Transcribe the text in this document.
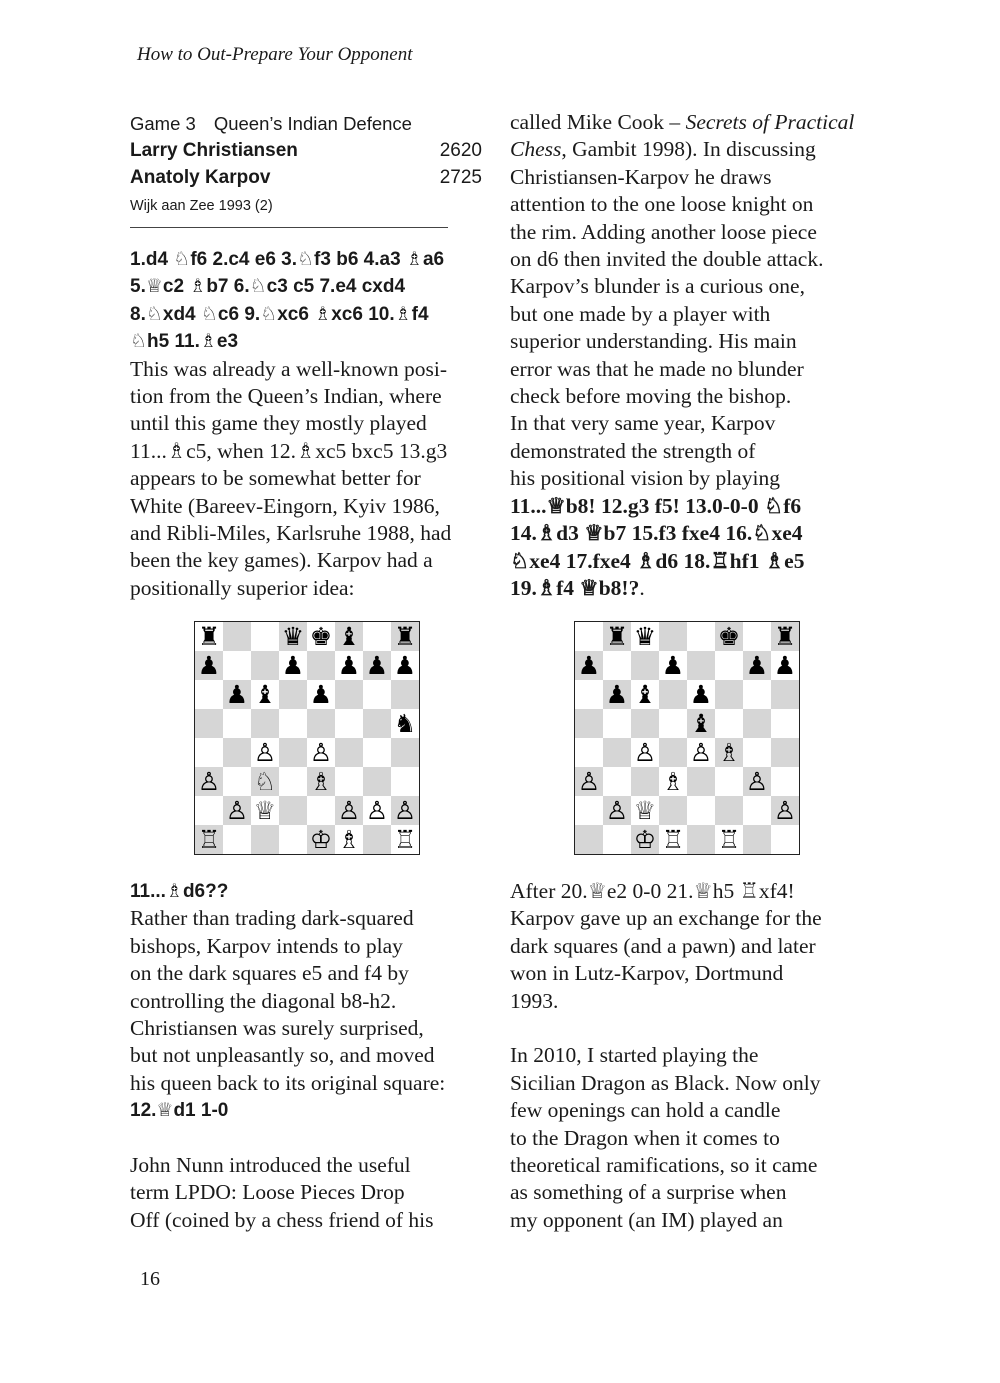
How to Out-Prepare Your Opponent
Game 3 Queen’s Indian Defence
Larry Christiansen	2620
Anatoly Karpov	2725
Wijk aan Zee 1993 (2)

1.d4 ♘f6 2.c4 e6 3.♘f3 b6 4.a3 ♗a6

5.♕c2 ♗b7 6.♘c3 c5 7.e4 cxd4

8.♘xd4 ♘c6 9.♘xc6 ♗xc6 10.♗f4

♘h5 11.♗e3

This was already a well-known posi-

tion from the Queen’s Indian, where

until this game they mostly played

11...♗c5, when 12.♗xc5 bxc5 13.g3

appears to be somewhat better for

White (Bareev-Eingorn, Kyiv 1986,

and Ribli-Miles, Karlsruhe 1988, had

been the key games). Karpov had a

positionally superior idea:

♜ ♛ ♚ ♝ ♜
♟ ♟ ♟ ♟ ♟
♟ ♝ ♟
♞
♙ ♙
♙ ♘ ♗
♙ ♕ ♙ ♙ ♙
♖	♔ ♗ ♖
♜ ♛ ♚ ♜
♟ ♟ ♟ ♟
♟ ♝ ♟
♝
♙ ♙ ♗
♙ ♗ ♙
♙ ♕	♙
♔ ♖ ♖

11...♗d6??

Rather than trading dark-squared

bishops, Karpov intends to play

on the dark squares e5 and f4 by

controlling the diagonal b8-h2.

Christiansen was surely surprised,

but not unpleasantly so, and moved

his queen back to its original square:

12.♕d1 1-0

John Nunn introduced the useful

term LPDO: Loose Pieces Drop

Off (coined by a chess friend of his

called Mike Cook – Secrets of Practical

Chess, Gambit 1998). In discussing

Christiansen-Karpov he draws

attention to the one loose knight on

the rim. Adding another loose piece

on d6 then invited the double attack.

Karpov’s blunder is a curious one,

but one made by a player with

superior understanding. His main

error was that he made no blunder

check before moving the bishop.

In that very same year, Karpov

demonstrated the strength of

his positional vision by playing

11...♕b8! 12.g3 f5! 13.0-0-0 ♘f6

14.♗d3 ♕b7 15.f3 fxe4 16.♘xe4

♘xe4 17.fxe4 ♗d6 18.♖hf1 ♗e5

19.♗f4 ♕b8!?.

After 20.♕e2 0-0 21.♕h5 ♖xf4!

Karpov gave up an exchange for the

dark squares (and a pawn) and later

won in Lutz-Karpov, Dortmund

1993.

In 2010, I started playing the

Sicilian Dragon as Black. Now only

few openings can hold a candle

to the Dragon when it comes to

theoretical ramifications, so it came

as something of a surprise when

my opponent (an IM) played an

16
